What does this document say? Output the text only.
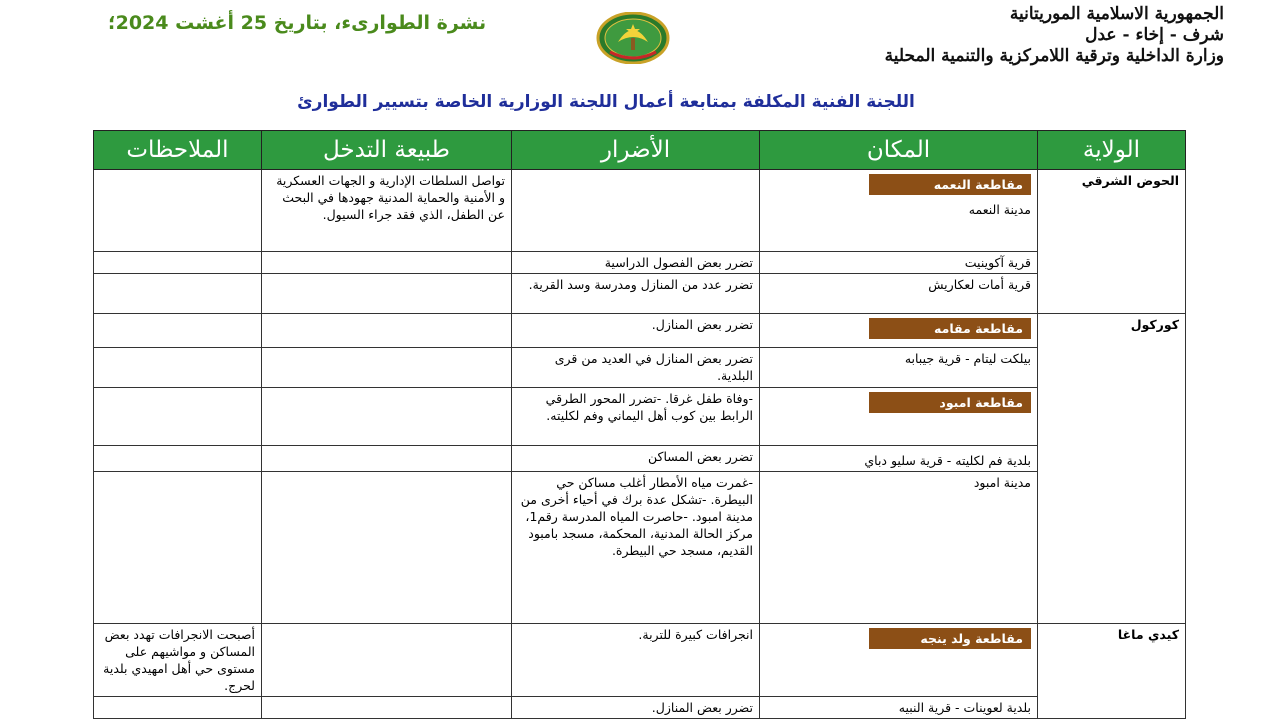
الجمهورية الاسلامية الموريتانية
شرف - إخاء - عدل
وزارة الداخلية وترقية اللامركزية والتنمية المحلية
نشرة الطوارىء، بتاريخ 25 أغشت 2024؛
اللجنة الفنية المكلفة بمتابعة أعمال اللجنة الوزارية الخاصة بتسيير الطوارئ
الولاية	المكان	الأضرار	طبيعة التدخل	الملاحظات
الحوض الشرقي	مقاطعة النعمه
مدينة النعمه		تواصل السلطات الإدارية و الجهات العسكرية و الأمنية والحماية المدنية جهودها في البحث عن الطفل، الذي فقد جراء السيول.	
	قرية آكوينيت	تضرر بعض الفصول الدراسية		
	قرية أمات لعكاريش	تضرر عدد من المنازل ومدرسة وسد القرية.		
كوركول	مقاطعة مقامه	تضرر بعض المنازل.		
	بيلكت ليتام - قرية جيبابه	تضرر بعض المنازل في العديد من قرى البلدية.		

	مقاطعة امبود	-وفاة طفل غرقا. -تضرر المحور الطرقي الرابط بين كوب أهل اليماني وفم لكليته.		
	بلدية فم لكليته - قرية سليو دباي	تضرر بعض المساكن		
	مدينة امبود	-غمرت مياه الأمطار أغلب مساكن حي البيطرة. -تشكل عدة برك في أحياء أخرى من مدينة امبود. -حاصرت المياه المدرسة رقم1، مركز الحالة المدنية، المحكمة، مسجد بامبود القديم، مسجد حي البيطرة.		
كيدي ماغا	مقاطعة ولد ينجه	انجرافات كبيرة للتربة.		أصبحت الانجرافات تهدد بعض المساكن و مواشيهم على مستوى حي أهل امهيدي بلدية لحرج.
	بلدية لعوينات - قرية النبيه	تضرر بعض المنازل.		
